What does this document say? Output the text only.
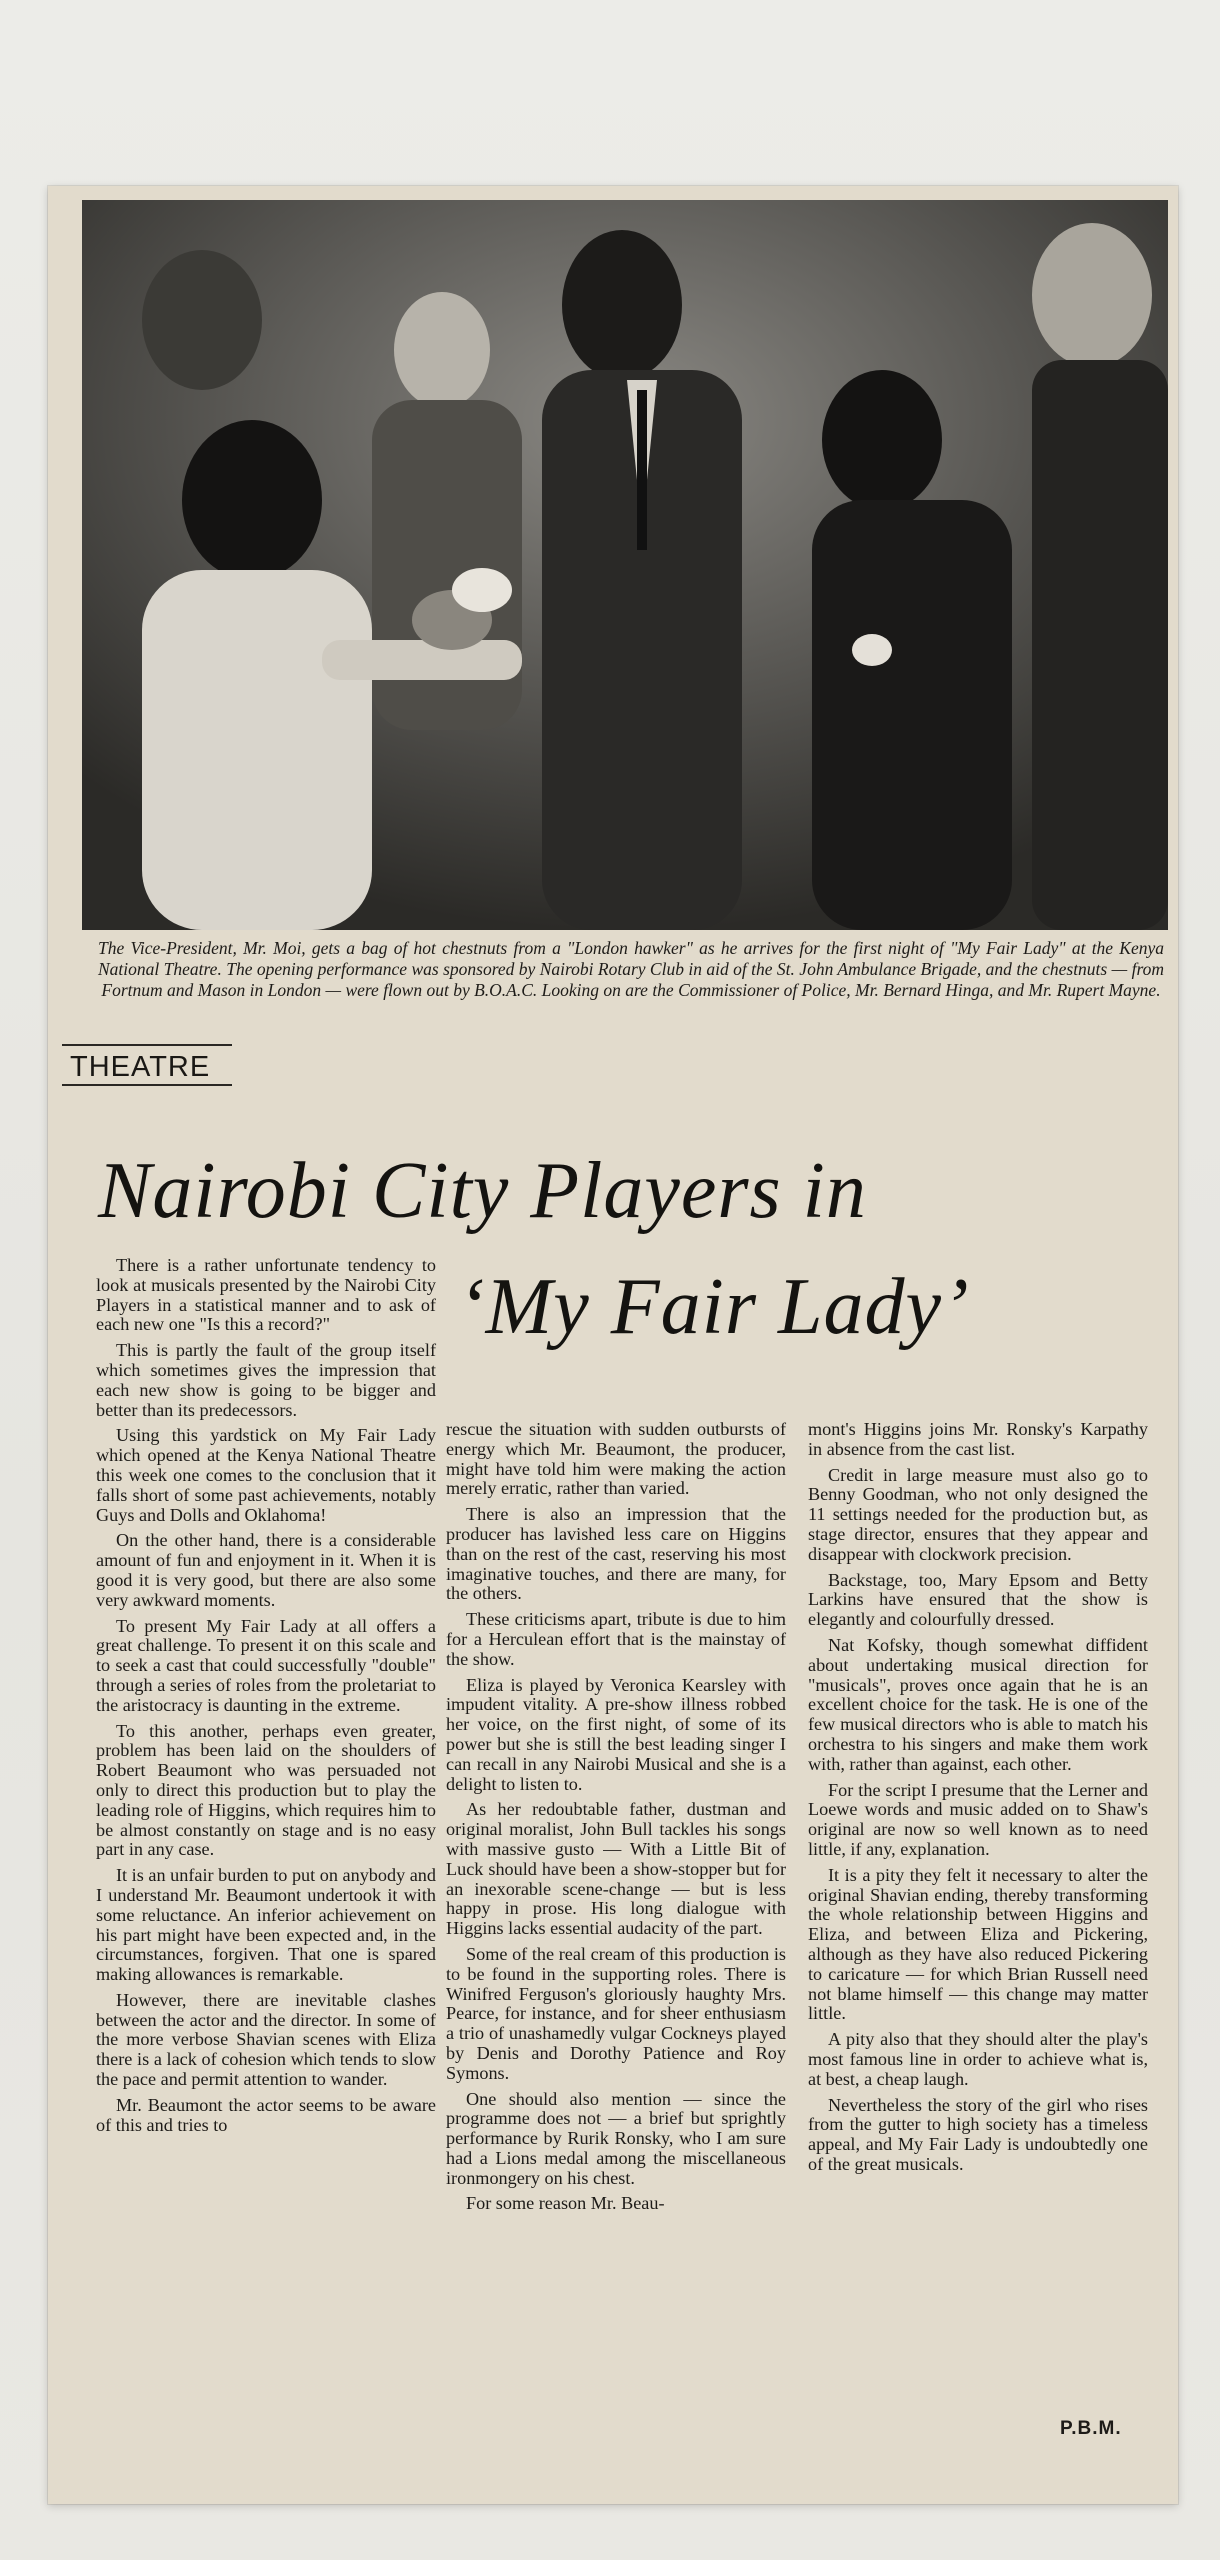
The Vice-President, Mr. Moi, gets a bag of hot chestnuts from a "London hawker" as he arrives for the first night of "My Fair Lady" at the Kenya National Theatre. The opening performance was sponsored by Nairobi Rotary Club in aid of the St. John Ambulance Brigade, and the chestnuts — from Fortnum and Mason in London — were flown out by B.O.A.C. Looking on are the Commissioner of Police, Mr. Bernard Hinga, and Mr. Rupert Mayne.
THEATRE
Nairobi City Players in
‘My Fair Lady’

There is a rather unfortunate tendency to look at musicals presented by the Nairobi City Players in a statistical manner and to ask of each new one "Is this a record?"

This is partly the fault of the group itself which sometimes gives the impression that each new show is going to be bigger and better than its predecessors.

Using this yardstick on My Fair Lady which opened at the Kenya National Theatre this week one comes to the conclusion that it falls short of some past achievements, notably Guys and Dolls and Oklahoma!

On the other hand, there is a considerable amount of fun and enjoyment in it. When it is good it is very good, but there are also some very awkward moments.

To present My Fair Lady at all offers a great challenge. To present it on this scale and to seek a cast that could successfully "double" through a series of roles from the proletariat to the aristocracy is daunting in the extreme.

To this another, perhaps even greater, problem has been laid on the shoulders of Robert Beaumont who was persuaded not only to direct this production but to play the leading role of Higgins, which requires him to be almost constantly on stage and is no easy part in any case.

It is an unfair burden to put on anybody and I understand Mr. Beaumont undertook it with some reluctance. An inferior achievement on his part might have been expected and, in the circumstances, forgiven. That one is spared making allowances is remarkable.

However, there are inevitable clashes between the actor and the director. In some of the more verbose Shavian scenes with Eliza there is a lack of cohesion which tends to slow the pace and permit attention to wander.

Mr. Beaumont the actor seems to be aware of this and tries to

rescue the situation with sudden outbursts of energy which Mr. Beaumont, the producer, might have told him were making the action merely erratic, rather than varied.

There is also an impression that the producer has lavished less care on Higgins than on the rest of the cast, reserving his most imaginative touches, and there are many, for the others.

These criticisms apart, tribute is due to him for a Herculean effort that is the mainstay of the show.

Eliza is played by Veronica Kearsley with impudent vitality. A pre-show illness robbed her voice, on the first night, of some of its power but she is still the best leading singer I can recall in any Nairobi Musical and she is a delight to listen to.

As her redoubtable father, dustman and original moralist, John Bull tackles his songs with massive gusto — With a Little Bit of Luck should have been a show-stopper but for an inexorable scene-change — but is less happy in prose. His long dialogue with Higgins lacks essential audacity of the part.

Some of the real cream of this production is to be found in the supporting roles. There is Winifred Ferguson's gloriously haughty Mrs. Pearce, for instance, and for sheer enthusiasm a trio of unashamedly vulgar Cockneys played by Denis and Dorothy Patience and Roy Symons.

One should also mention — since the programme does not — a brief but sprightly performance by Rurik Ronsky, who I am sure had a Lions medal among the miscellaneous ironmongery on his chest.

For some reason Mr. Beau-

mont's Higgins joins Mr. Ronsky's Karpathy in absence from the cast list.

Credit in large measure must also go to Benny Goodman, who not only designed the 11 settings needed for the production but, as stage director, ensures that they appear and disappear with clockwork precision.

Backstage, too, Mary Epsom and Betty Larkins have ensured that the show is elegantly and colourfully dressed.

Nat Kofsky, though somewhat diffident about undertaking musical direction for "musicals", proves once again that he is an excellent choice for the task. He is one of the few musical directors who is able to match his orchestra to his singers and make them work with, rather than against, each other.

For the script I presume that the Lerner and Loewe words and music added on to Shaw's original are now so well known as to need little, if any, explanation.

It is a pity they felt it necessary to alter the original Shavian ending, thereby transforming the whole relationship between Higgins and Eliza, and between Eliza and Pickering, although as they have also reduced Pickering to caricature — for which Brian Russell need not blame himself — this change may matter little.

A pity also that they should alter the play's most famous line in order to achieve what is, at best, a cheap laugh.

Nevertheless the story of the girl who rises from the gutter to high society has a timeless appeal, and My Fair Lady is undoubtedly one of the great musicals.

P.B.M.
